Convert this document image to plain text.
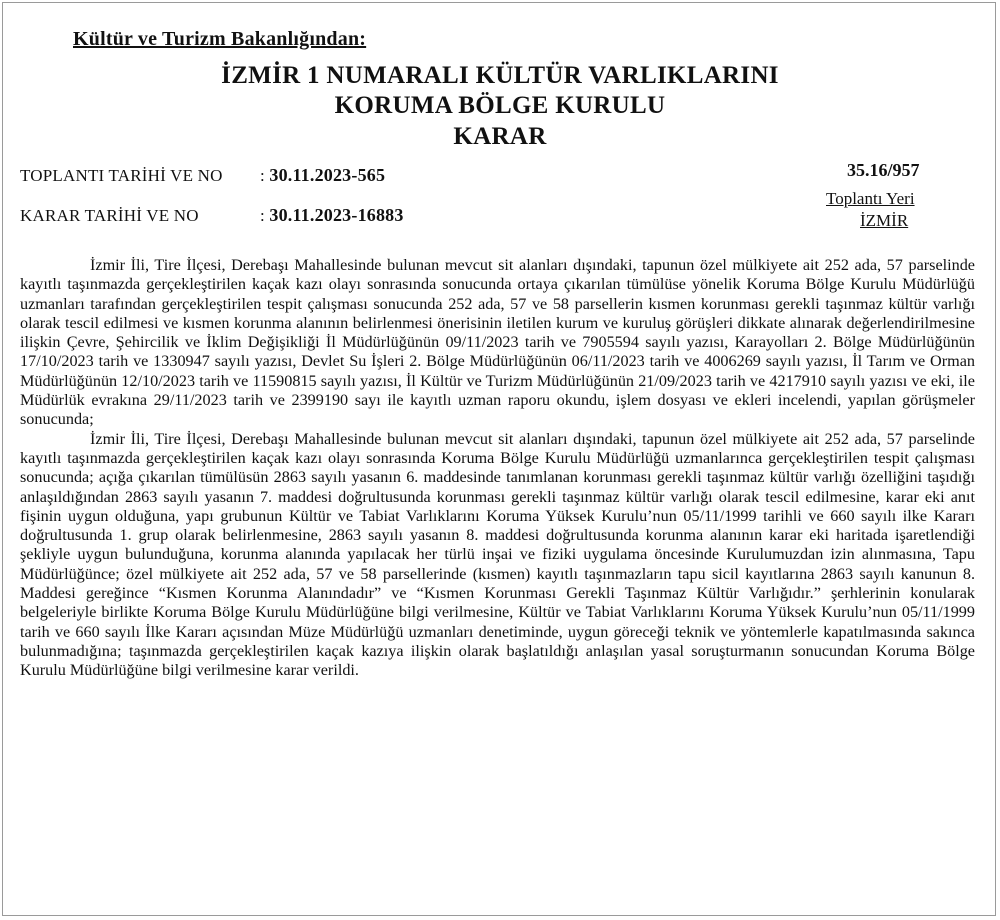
Kültür ve Turizm Bakanlığından:
İZMİR 1 NUMARALI KÜLTÜR VARLIKLARINI
KORUMA BÖLGE KURULU
KARAR
TOPLANTI TARİHİ VE NO : 30.11.2023-565
KARAR TARİHİ VE NO	: 30.11.2023-16883
35.16/957
Toplantı Yeri
İZMİR

İzmir İli, Tire İlçesi, Derebaşı Mahallesinde bulunan mevcut sit alanları dışındaki, tapunun özel mülkiyete ait 252 ada, 57 parselinde kayıtlı taşınmazda gerçekleştirilen kaçak kazı olayı sonrasında sonucunda ortaya çıkarılan tümülüse yönelik Koruma Bölge Kurulu Müdürlüğü uzmanları tarafından gerçekleştirilen tespit çalışması sonucunda 252 ada, 57 ve 58 parsellerin kısmen korunması gerekli taşınmaz kültür varlığı olarak tescil edilmesi ve kısmen korunma alanının belirlenmesi önerisinin iletilen kurum ve kuruluş görüşleri dikkate alınarak değerlendirilmesine ilişkin Çevre, Şehircilik ve İklim Değişikliği İl Müdürlüğünün 09/11/2023 tarih ve 7905594 sayılı yazısı, Karayolları 2. Bölge Müdürlüğünün 17/10/2023 tarih ve 1330947 sayılı yazısı, Devlet Su İşleri 2. Bölge Müdürlüğünün 06/11/2023 tarih ve 4006269 sayılı yazısı, İl Tarım ve Orman Müdürlüğünün 12/10/2023 tarih ve 11590815 sayılı yazısı, İl Kültür ve Turizm Müdürlüğünün 21/09/2023 tarih ve 4217910 sayılı yazısı ve eki, ile Müdürlük evrakına 29/11/2023 tarih ve 2399190 sayı ile kayıtlı uzman raporu okundu, işlem dosyası ve ekleri incelendi, yapılan görüşmeler sonucunda;

İzmir İli, Tire İlçesi, Derebaşı Mahallesinde bulunan mevcut sit alanları dışındaki, tapunun özel mülkiyete ait 252 ada, 57 parselinde kayıtlı taşınmazda gerçekleştirilen kaçak kazı olayı sonrasında Koruma Bölge Kurulu Müdürlüğü uzmanlarınca gerçekleştirilen tespit çalışması sonucunda; açığa çıkarılan tümülüsün 2863 sayılı yasanın 6. maddesinde tanımlanan korunması gerekli taşınmaz kültür varlığı özelliğini taşıdığı anlaşıldığından 2863 sayılı yasanın 7. maddesi doğrultusunda korunması gerekli taşınmaz kültür varlığı olarak tescil edilmesine, karar eki anıt fişinin uygun olduğuna, yapı grubunun Kültür ve Tabiat Varlıklarını Koruma Yüksek Kurulu’nun 05/11/1999 tarihli ve 660 sayılı ilke Kararı doğrultusunda 1. grup olarak belirlenmesine, 2863 sayılı yasanın 8. maddesi doğrultusunda korunma alanının karar eki haritada işaretlendiği şekliyle uygun bulunduğuna, korunma alanında yapılacak her türlü inşai ve fiziki uygulama öncesinde Kurulumuzdan izin alınmasına, Tapu Müdürlüğünce; özel mülkiyete ait 252 ada, 57 ve 58 parsellerinde (kısmen) kayıtlı taşınmazların tapu sicil kayıtlarına 2863 sayılı kanunun 8. Maddesi gereğince “Kısmen Korunma Alanındadır” ve “Kısmen Korunması Gerekli Taşınmaz Kültür Varlığıdır.” şerhlerinin konularak belgeleriyle birlikte Koruma Bölge Kurulu Müdürlüğüne bilgi verilmesine, Kültür ve Tabiat Varlıklarını Koruma Yüksek Kurulu’nun 05/11/1999 tarih ve 660 sayılı İlke Kararı açısından Müze Müdürlüğü uzmanları denetiminde, uygun göreceği teknik ve yöntemlerle kapatılmasında sakınca bulunmadığına; taşınmazda gerçekleştirilen kaçak kazıya ilişkin olarak başlatıldığı anlaşılan yasal soruşturmanın sonucundan Koruma Bölge Kurulu Müdürlüğüne bilgi verilmesine karar verildi.
